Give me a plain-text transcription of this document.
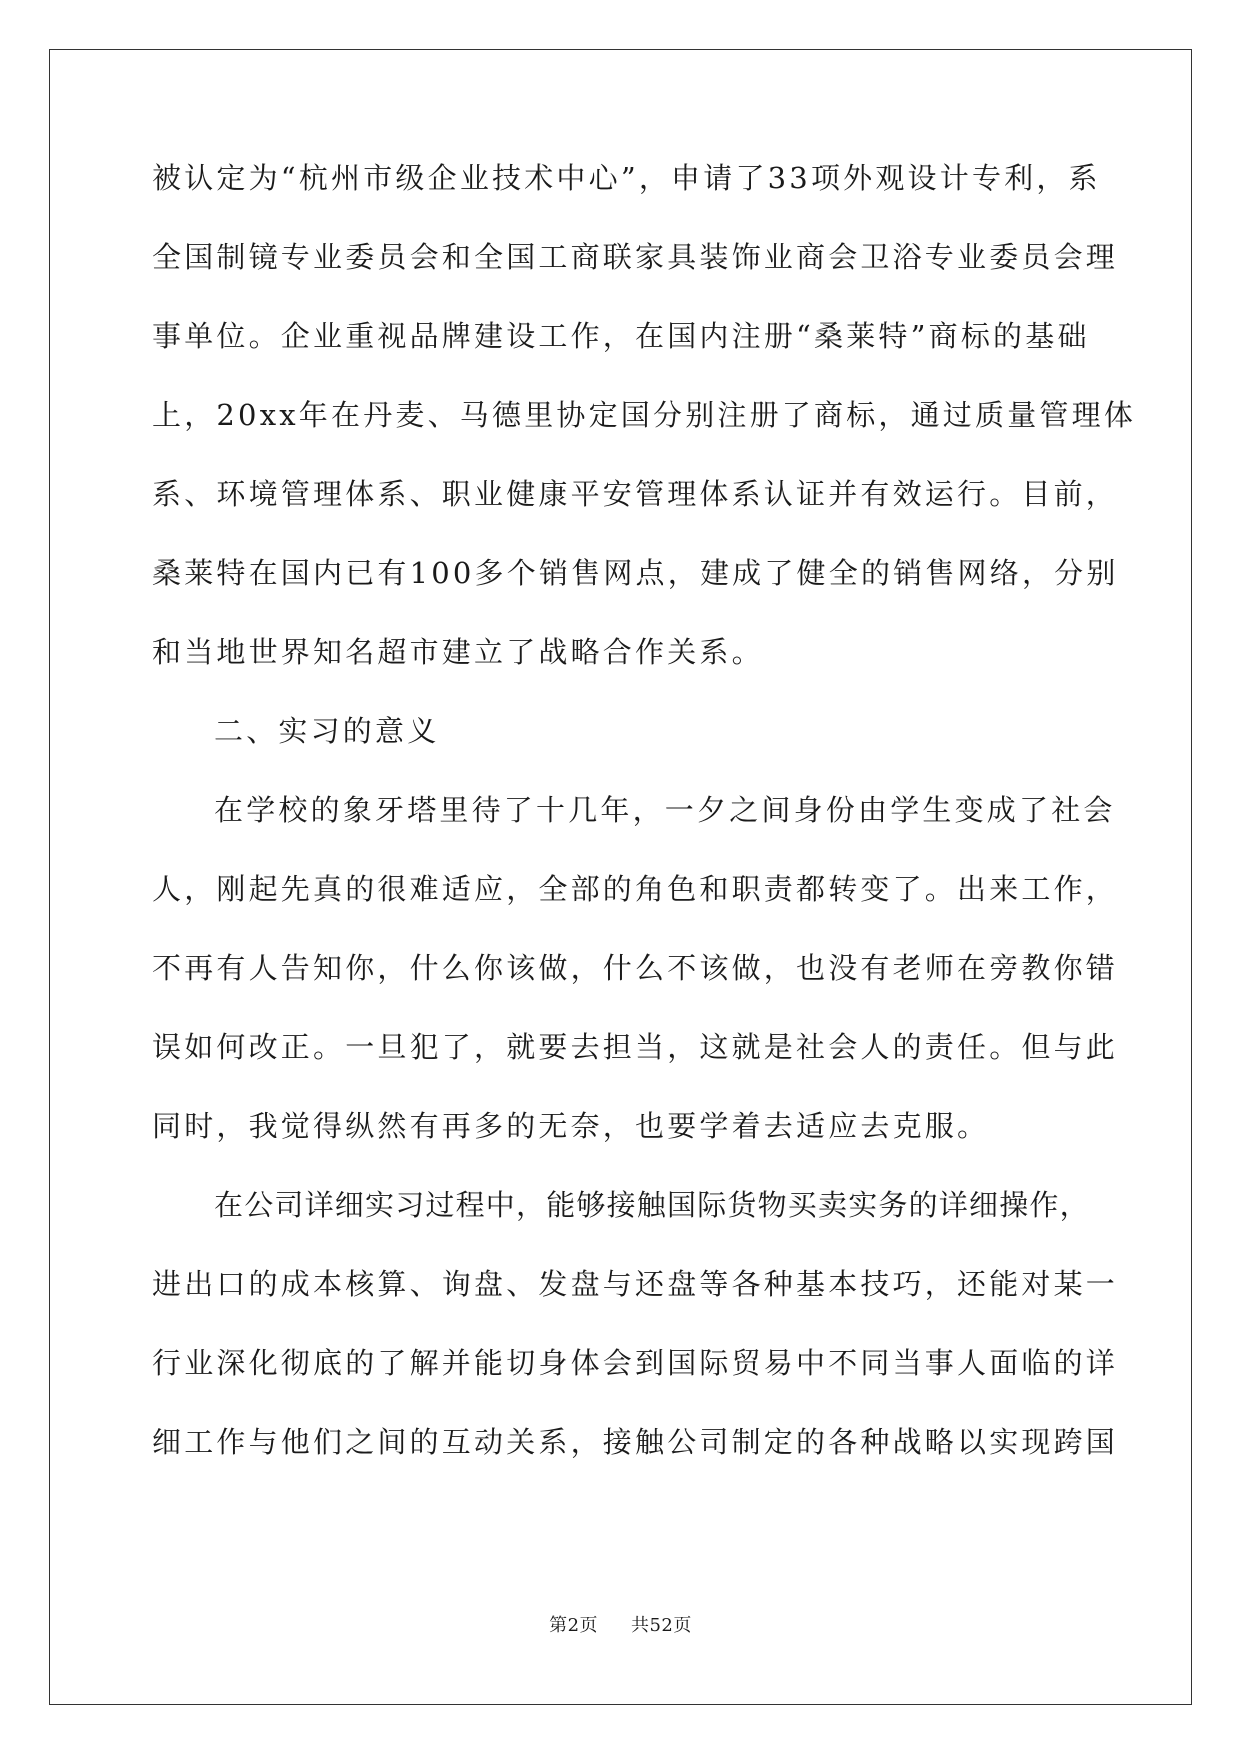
被认定为“杭州市级企业技术中心”，申请了33项外观设计专利，系
全国制镜专业委员会和全国工商联家具装饰业商会卫浴专业委员会理
事单位。企业重视品牌建设工作，在国内注册“桑莱特”商标的基础
上，20xx年在丹麦、马德里协定国分别注册了商标，通过质量管理体
系、环境管理体系、职业健康平安管理体系认证并有效运行。目前，
桑莱特在国内已有100多个销售网点，建成了健全的销售网络，分别
和当地世界知名超市建立了战略合作关系。
二、实习的意义
在学校的象牙塔里待了十几年，一夕之间身份由学生变成了社会
人，刚起先真的很难适应，全部的角色和职责都转变了。出来工作，
不再有人告知你，什么你该做，什么不该做，也没有老师在旁教你错
误如何改正。一旦犯了，就要去担当，这就是社会人的责任。但与此
同时，我觉得纵然有再多的无奈，也要学着去适应去克服。
在公司详细实习过程中，能够接触国际货物买卖实务的详细操作，
进出口的成本核算、询盘、发盘与还盘等各种基本技巧，还能对某一
行业深化彻底的了解并能切身体会到国际贸易中不同当事人面临的详
细工作与他们之间的互动关系，接触公司制定的各种战略以实现跨国
第2页 共52页
